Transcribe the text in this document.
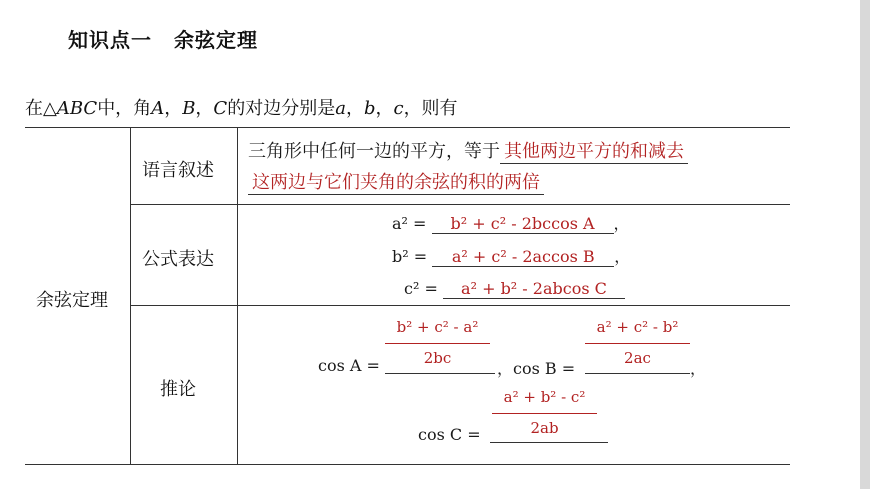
知识点一 余弦定理
在△ABC中，角A，B，C的对边分别是a，b，c，则有
余弦定理
语言叙述
公式表达
推论
三角形中任何一边的平方，等于 其他两边平方的和减去
这两边与它们夹角的余弦的积的两倍
a² = b² + c² - 2bccos A ，
b² = a² + c² - 2accos B ，
c² = a² + b² - 2abcos C
b² + c² - a²
2bc
cos A =	，cos B =
a² + c² - b²
2ac
，
a² + b² - c²
2ab
cos C =
